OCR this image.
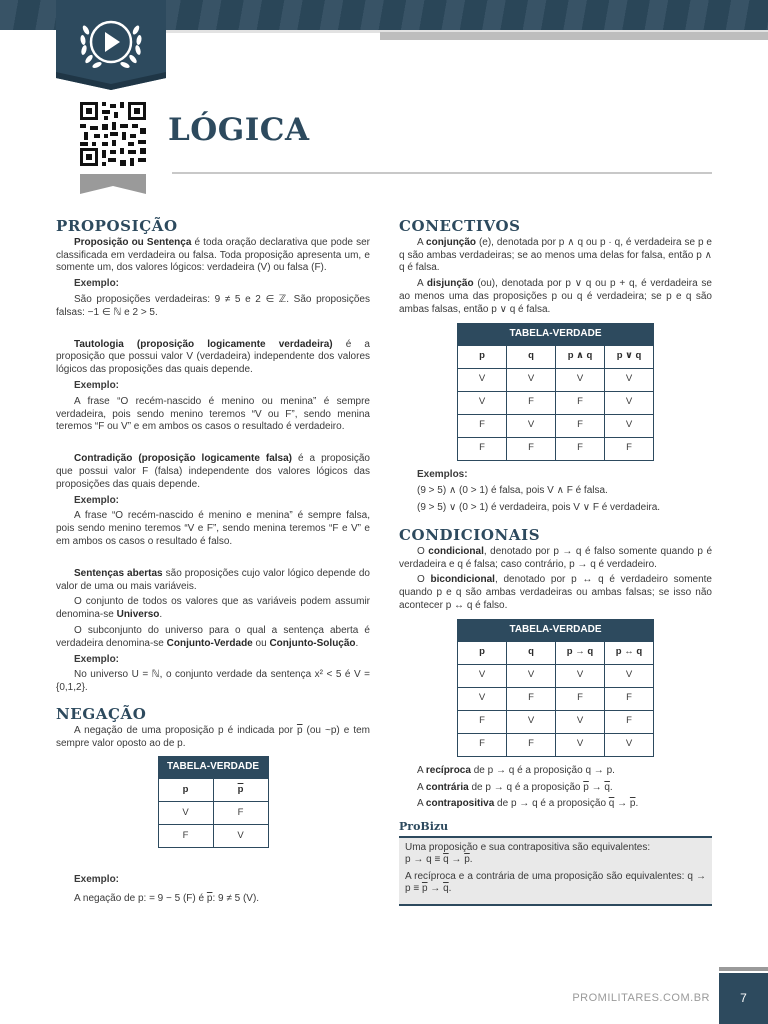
LÓGICA
PROPOSIÇÃO

Proposição ou Sentença é toda oração declarativa que pode ser classificada em verdadeira ou falsa. Toda proposição apresenta um, e somente um, dos valores lógicos: verdadeira (V) ou falsa (F).

Exemplo:

São proposições verdadeiras: 9 ≠ 5 e 2 ∈ ℤ. São proposições falsas: −1 ∈ ℕ e 2 > 5.

Tautologia (proposição logicamente verdadeira) é a proposição que possui valor V (verdadeira) independente dos valores lógicos das proposições das quais depende.

Exemplo:

A frase “O recém-nascido é menino ou menina” é sempre verdadeira, pois sendo menino teremos “V ou F”, sendo menina teremos “F ou V” e em ambos os casos o resultado é verdadeiro.

Contradição (proposição logicamente falsa) é a proposição que possui valor F (falsa) independente dos valores lógicos das proposições das quais depende.

Exemplo:

A frase “O recém-nascido é menino e menina” é sempre falsa, pois sendo menino teremos “V e F”, sendo menina teremos “F e V” e em ambos os casos o resultado é falso.

Sentenças abertas são proposições cujo valor lógico depende do valor de uma ou mais variáveis.

O conjunto de todos os valores que as variáveis podem assumir denomina-se Universo.

O subconjunto do universo para o qual a sentença aberta é verdadeira denomina-se Conjunto-Verdade ou Conjunto-Solução.

Exemplo:

No universo U = ℕ, o conjunto verdade da sentença x² < 5 é V = {0,1,2}.

NEGAÇÃO

A negação de uma proposição p é indicada por $\overline{p}$ (ou ~p) e tem sempre valor oposto ao de p.

TABELA-VERDADE	
p	$\overline{p}$
V	F
F	V

Exemplo:

A negação de p: = 9 − 5 (F) é $\overline{p}$: 9 ≠ 5 (V).

CONECTIVOS

A conjunção (e), denotada por p ∧ q ou p · q, é verdadeira se p e q são ambas verdadeiras; se ao menos uma delas for falsa, então p ∧ q é falsa.

A disjunção (ou), denotada por p ∨ q ou p + q, é verdadeira se ao menos uma das proposições p ou q é verdadeira; se p e q são ambas falsas, então p ∨ q é falsa.

TABELA-VERDADE			
p	q	p ∧ q	p ∨ q
V	V	V	V
V	F	F	V
F	V	F	V
F	F	F	F

Exemplos:

(9 > 5) ∧ (0 > 1) é falsa, pois V ∧ F é falsa.

(9 > 5) ∨ (0 > 1) é verdadeira, pois V ∨ F é verdadeira.

CONDICIONAIS

O condicional, denotado por p → q é falso somente quando p é verdadeira e q é falsa; caso contrário, p → q é verdadeiro.

O bicondicional, denotado por p ↔ q é verdadeiro somente quando p e q são ambas verdadeiras ou ambas falsas; se isso não acontecer p ↔ q é falso.

TABELA-VERDADE			
p	q	p → q	p ↔ q
V	V	V	V
V	F	F	F
F	V	V	F
F	F	V	V

A recíproca de p → q é a proposição q → p.

A contrária de p → q é a proposição $\overline{p} \to \overline{q}$.

A contrapositiva de p → q é a proposição $\overline{q} \to \overline{p}$.

ProBizu

Uma proposição e sua contrapositiva são equivalentes:
$p \to q \equiv \overline{q} \to \overline{p}$.

A recíproca e a contrária de uma proposição são equivalentes: $q \to p \equiv \overline{p} \to \overline{q}$.

PROMILITARES.COM.BR	7
